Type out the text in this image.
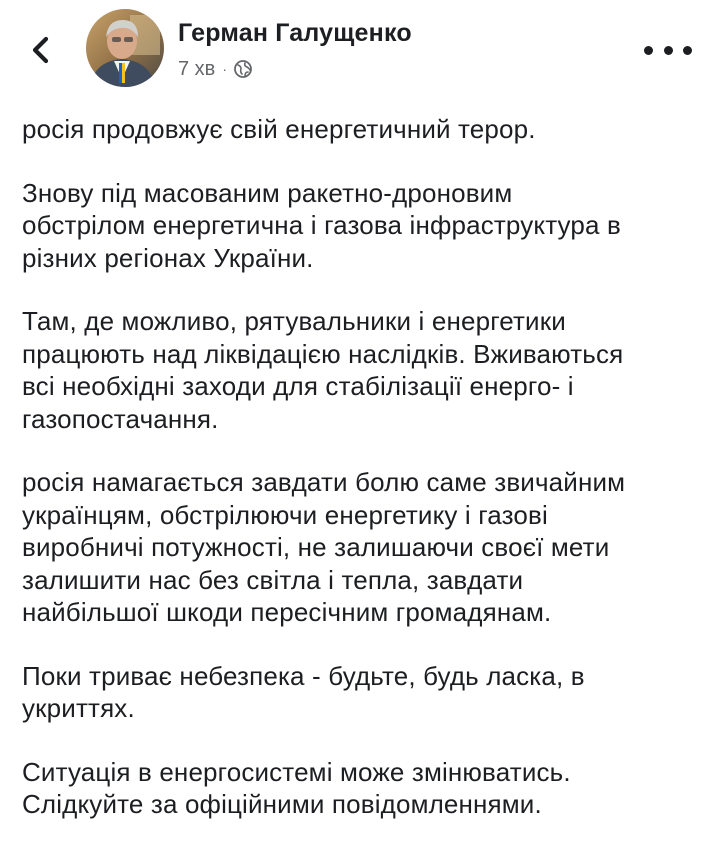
Герман Галущенко
7 хв ·

росія продовжує свій енергетичний терор.

Знову під масованим ракетно-дроновим
обстрілом енергетична і газова інфраструктура в
різних регіонах України.

Там, де можливо, рятувальники і енергетики
працюють над ліквідацією наслідків. Вживаються
всі необхідні заходи для стабілізації енерго- і
газопостачання.

росія намагається завдати болю саме звичайним
українцям, обстрілюючи енергетику і газові
виробничі потужності, не залишаючи своєї мети
залишити нас без світла і тепла, завдати
найбільшої шкоди пересічним громадянам.

Поки триває небезпека - будьте, будь ласка, в
укриттях.

Ситуація в енергосистемі може змінюватись.
Слідкуйте за офіційними повідомленнями.
